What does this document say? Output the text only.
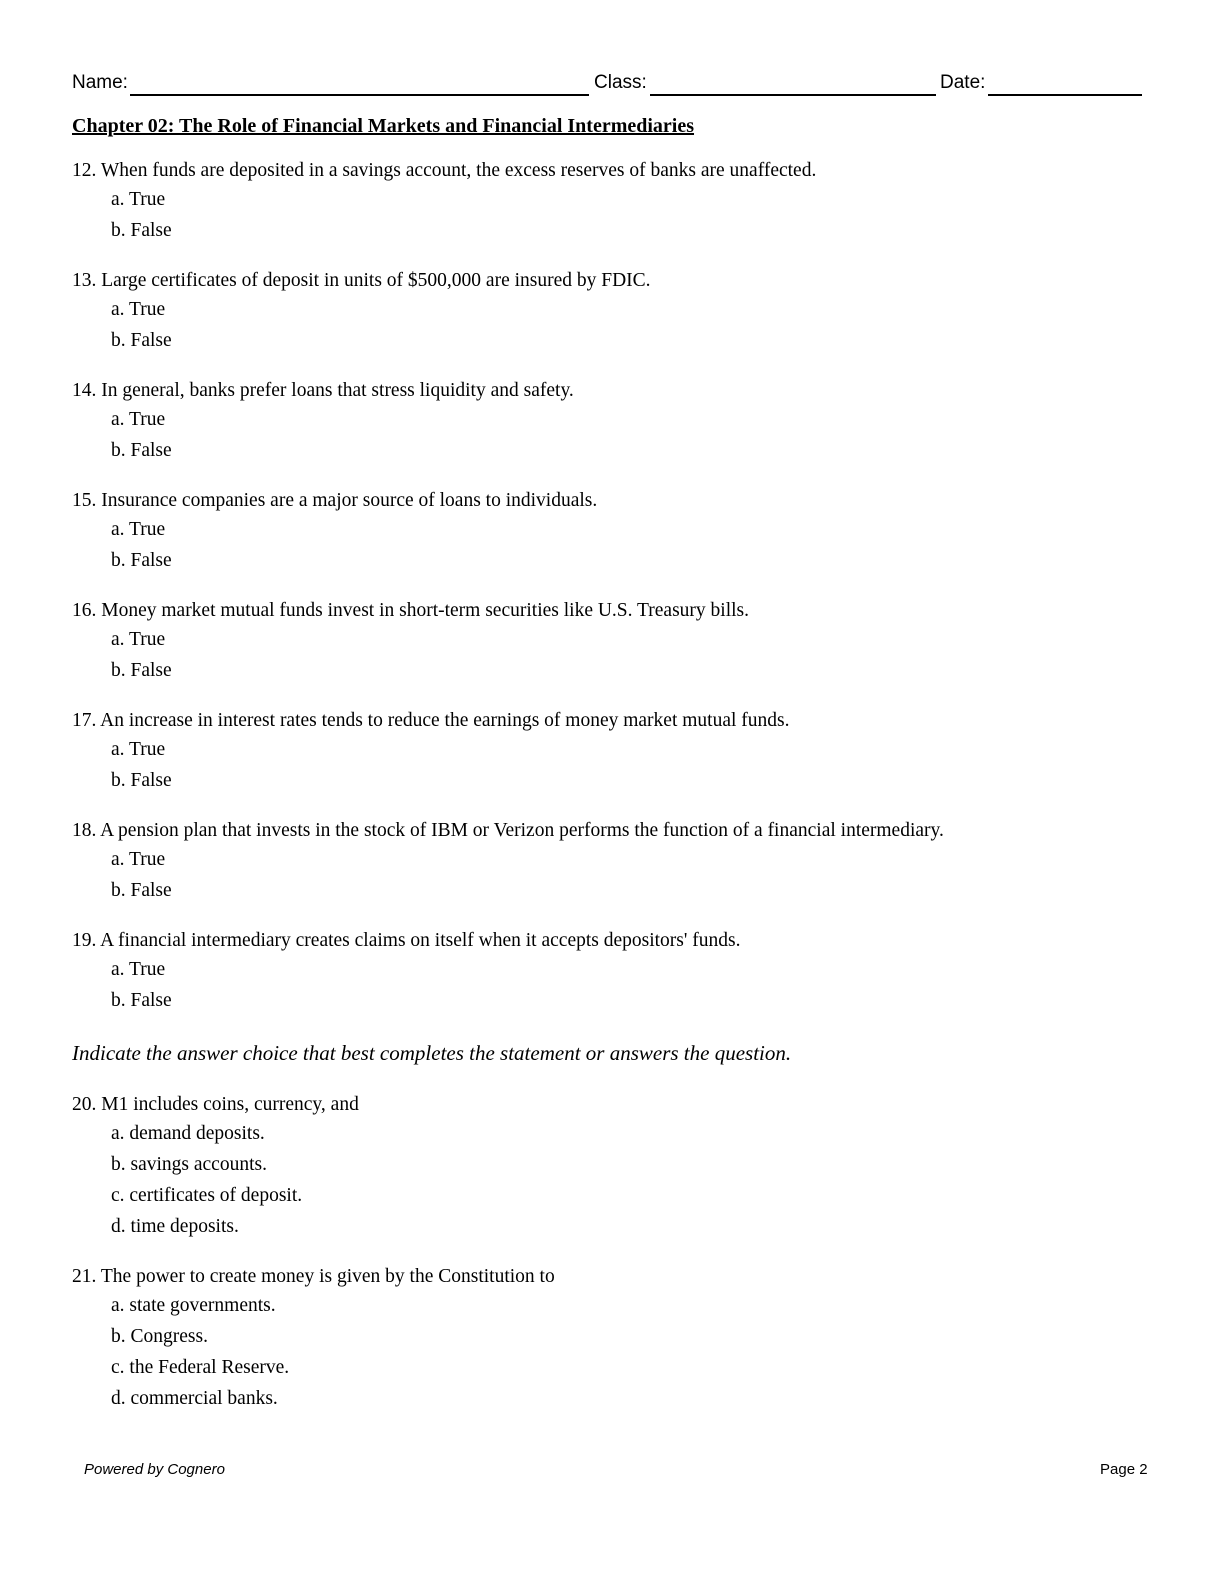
Name:	Class:	Date:
Chapter 02: The Role of Financial Markets and Financial Intermediaries
12. When funds are deposited in a savings account, the excess reserves of banks are unaffected.
a. True
b. False
13. Large certificates of deposit in units of $500,000 are insured by FDIC.
a. True
b. False
14. In general, banks prefer loans that stress liquidity and safety.
a. True
b. False
15. Insurance companies are a major source of loans to individuals.
a. True
b. False
16. Money market mutual funds invest in short-term securities like U.S. Treasury bills.
a. True
b. False
17. An increase in interest rates tends to reduce the earnings of money market mutual funds.
a. True
b. False
18. A pension plan that invests in the stock of IBM or Verizon performs the function of a financial intermediary.
a. True
b. False
19. A financial intermediary creates claims on itself when it accepts depositors' funds.
a. True
b. False
Indicate the answer choice that best completes the statement or answers the question.
20. M1 includes coins, currency, and
a. demand deposits.
b. savings accounts.
c. certificates of deposit.
d. time deposits.
21. The power to create money is given by the Constitution to
a. state governments.
b. Congress.
c. the Federal Reserve.
d. commercial banks.
Powered by Cognero	Page 2
